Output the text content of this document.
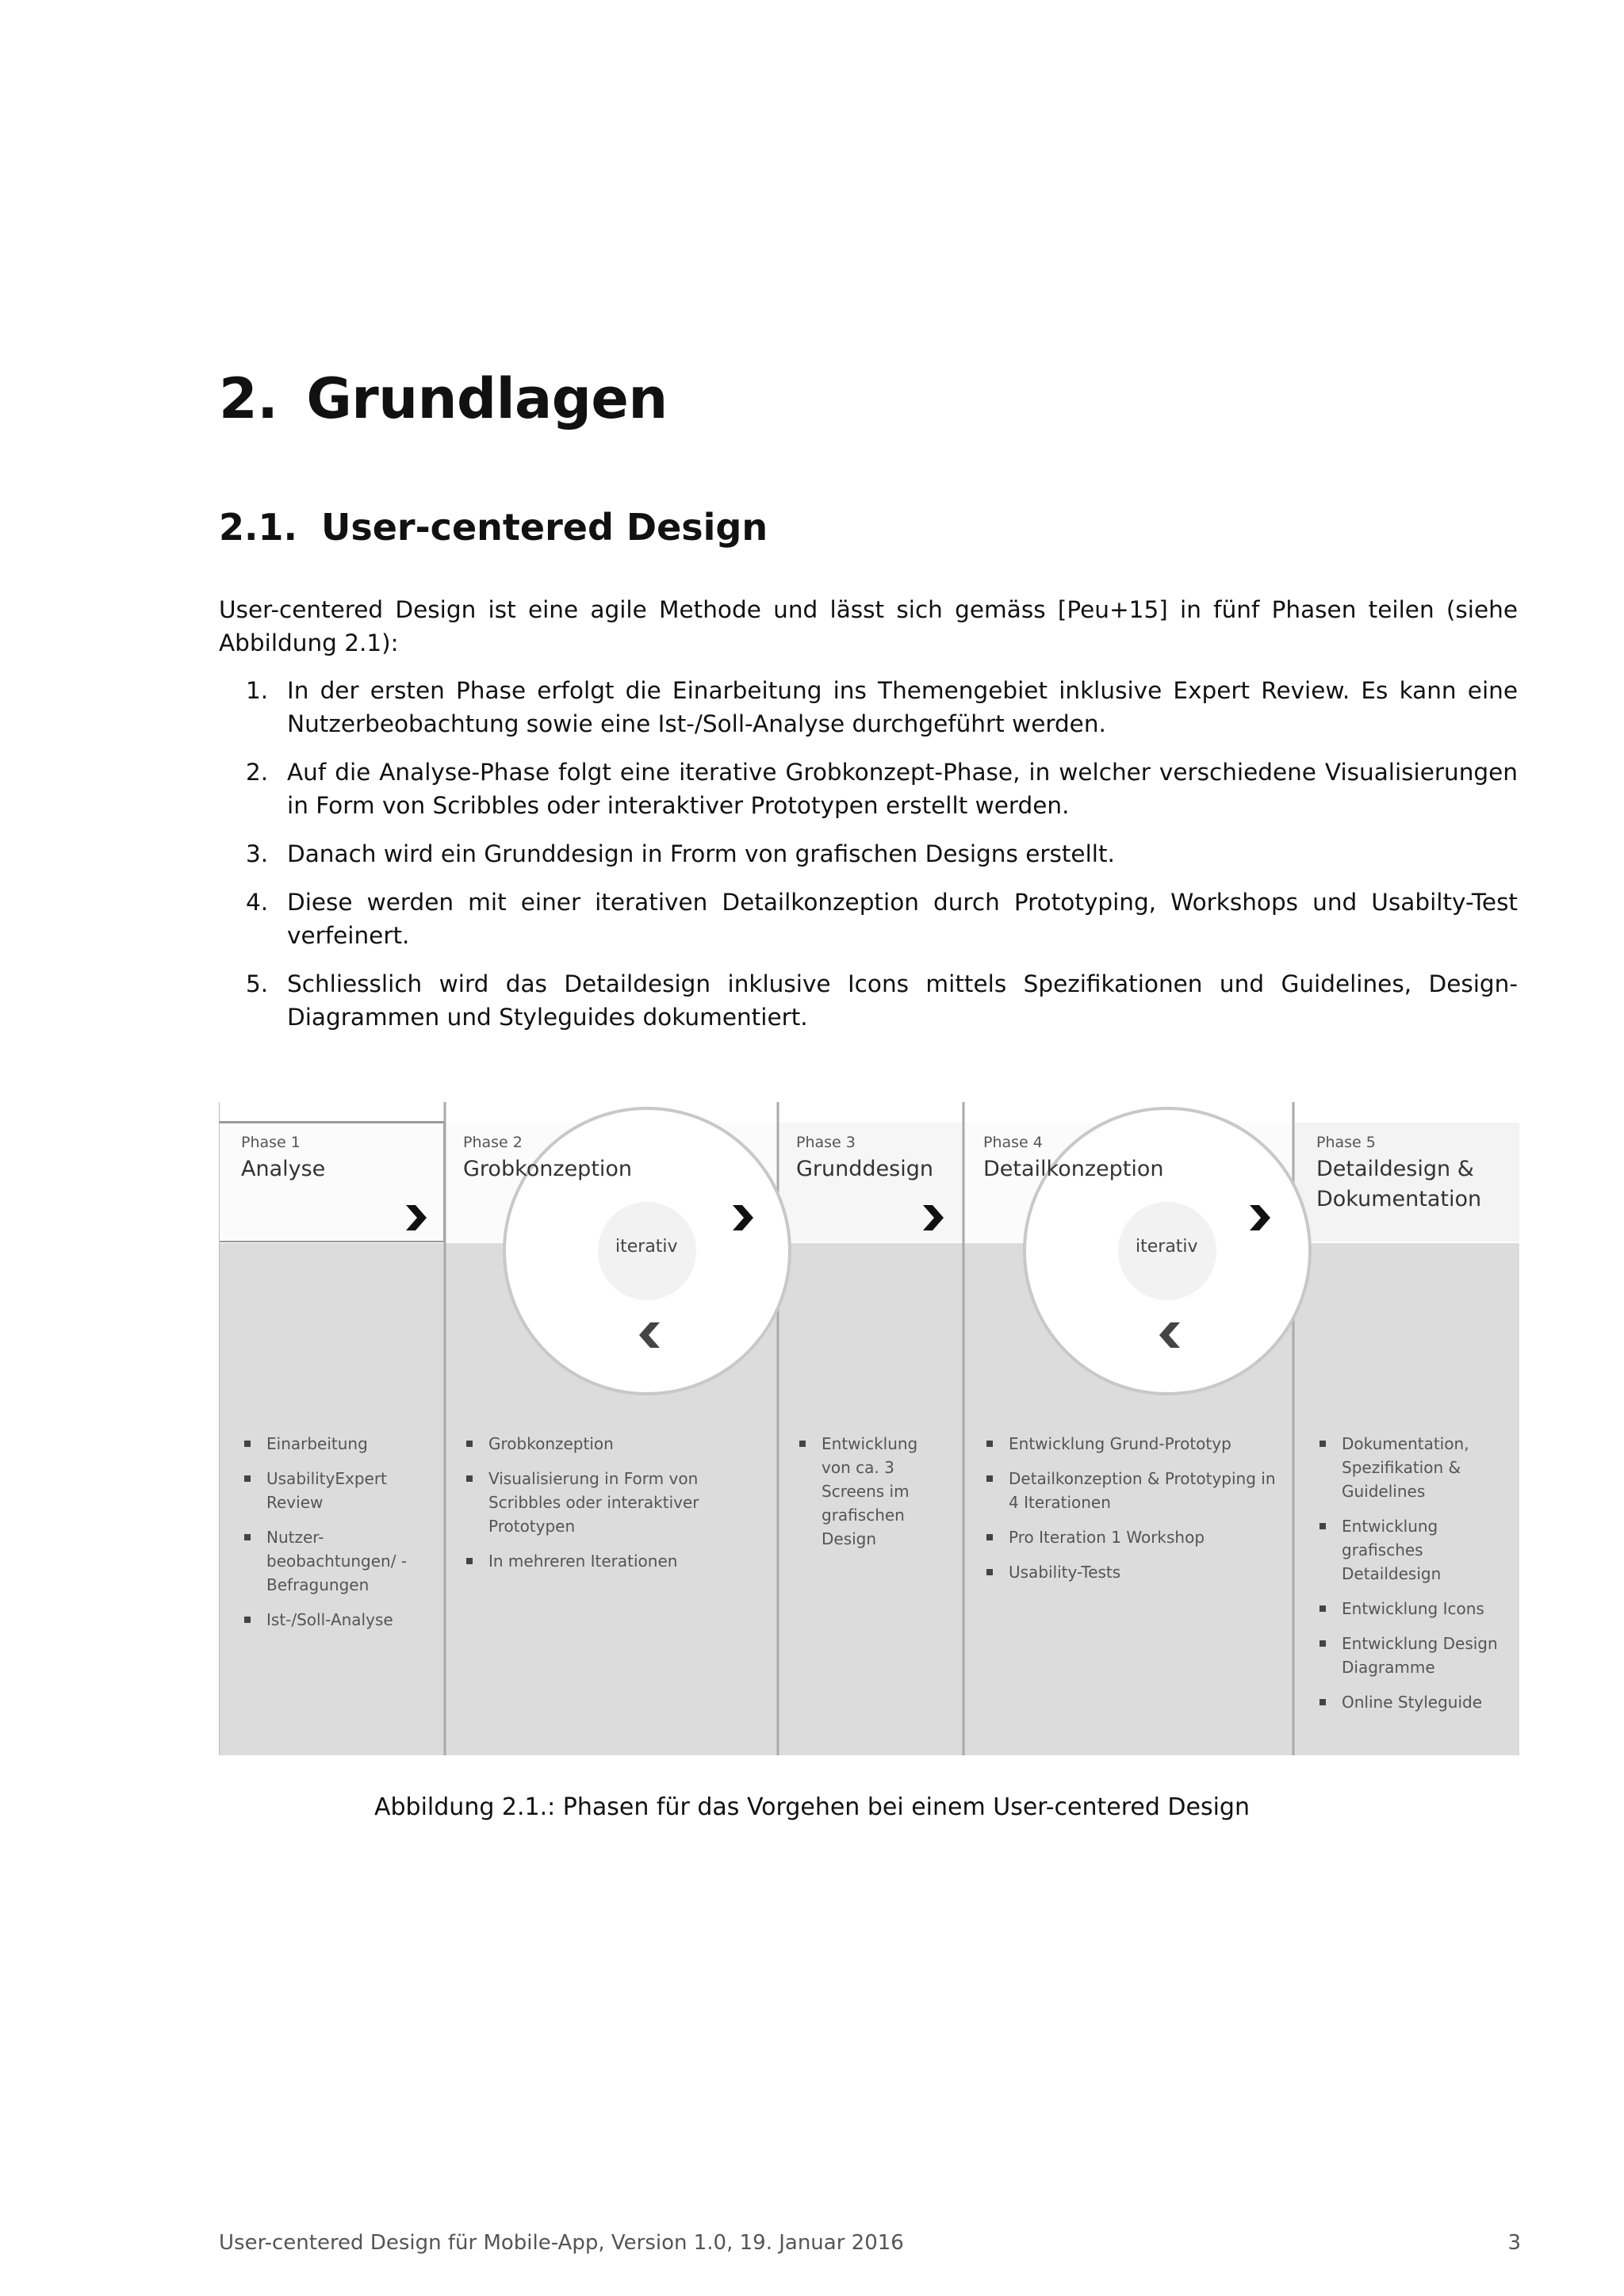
2. Grundlagen
2.1. User-centered Design

User-centered Design ist eine agile Methode und lässt sich gemäss [Peu+15] in fünf Phasen teilen (siehe Abbildung 2.1):

1. In der ersten Phase erfolgt die Einarbeitung ins Themengebiet inklusive Expert Review. Es kann eine Nutzerbeobachtung sowie eine Ist-/Soll-Analyse durchgeführt werden.
2. Auf die Analyse-Phase folgt eine iterative Grobkonzept-Phase, in welcher verschiedene Visualisierungen in Form von Scribbles oder interaktiver Prototypen erstellt werden.
3. Danach wird ein Grunddesign in Frorm von grafischen Designs erstellt.
4. Diese werden mit einer iterativen Detailkonzeption durch Prototyping, Workshops und Usabilty-Test verfeinert.
5. Schliesslich wird das Detaildesign inklusive Icons mittels Spezifikationen und Guidelines, Design-Diagrammen und Styleguides dokumentiert.
iterativ	iterativ
Phase 1
Analyse
Einarbeitung
UsabilityExpert Review
Nutzer-beobachtungen/ -Befragungen
Ist-/Soll-Analyse
Phase 2
Grobkonzeption
Grobkonzeption
Visualisierung in Form von Scribbles oder interaktiver Prototypen
In mehreren Iterationen
Phase 3
Grunddesign
Entwicklung von ca. 3 Screens im grafischen Design
Phase 4
Detailkonzeption
Entwicklung Grund-Prototyp
Detailkonzeption & Prototyping in 4 Iterationen
Pro Iteration 1 Workshop
Usability-Tests
Phase 5
Detaildesign & Dokumentation
Dokumentation, Spezifikation & Guidelines
Entwicklung grafisches Detaildesign
Entwicklung Icons
Entwicklung Design Diagramme
Online Styleguide

Abbildung 2.1.: Phasen für das Vorgehen bei einem User-centered Design

User-centered Design für Mobile-App, Version 1.0, 19. Januar 2016	3
